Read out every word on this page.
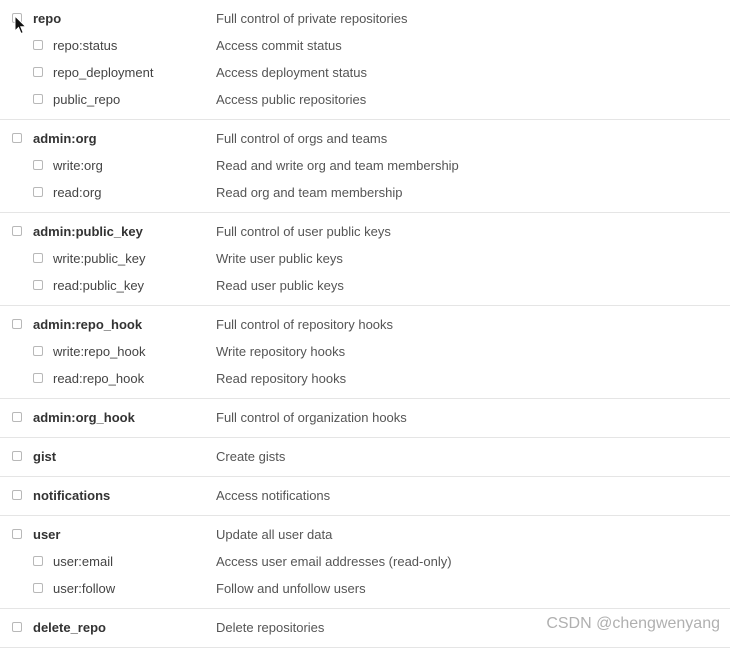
repo	Full control of private repositories
repo:status	Access commit status
repo_deployment	Access deployment status
public_repo	Access public repositories
admin:org	Full control of orgs and teams
write:org	Read and write org and team membership
read:org	Read org and team membership
admin:public_key	Full control of user public keys
write:public_key	Write user public keys
read:public_key	Read user public keys
admin:repo_hook	Full control of repository hooks
write:repo_hook	Write repository hooks
read:repo_hook	Read repository hooks
admin:org_hook	Full control of organization hooks
gist	Create gists
notifications	Access notifications
user	Update all user data
user:email	Access user email addresses (read-only)
user:follow	Follow and unfollow users
delete_repo	Delete repositories	CSDN @chengwenyang
